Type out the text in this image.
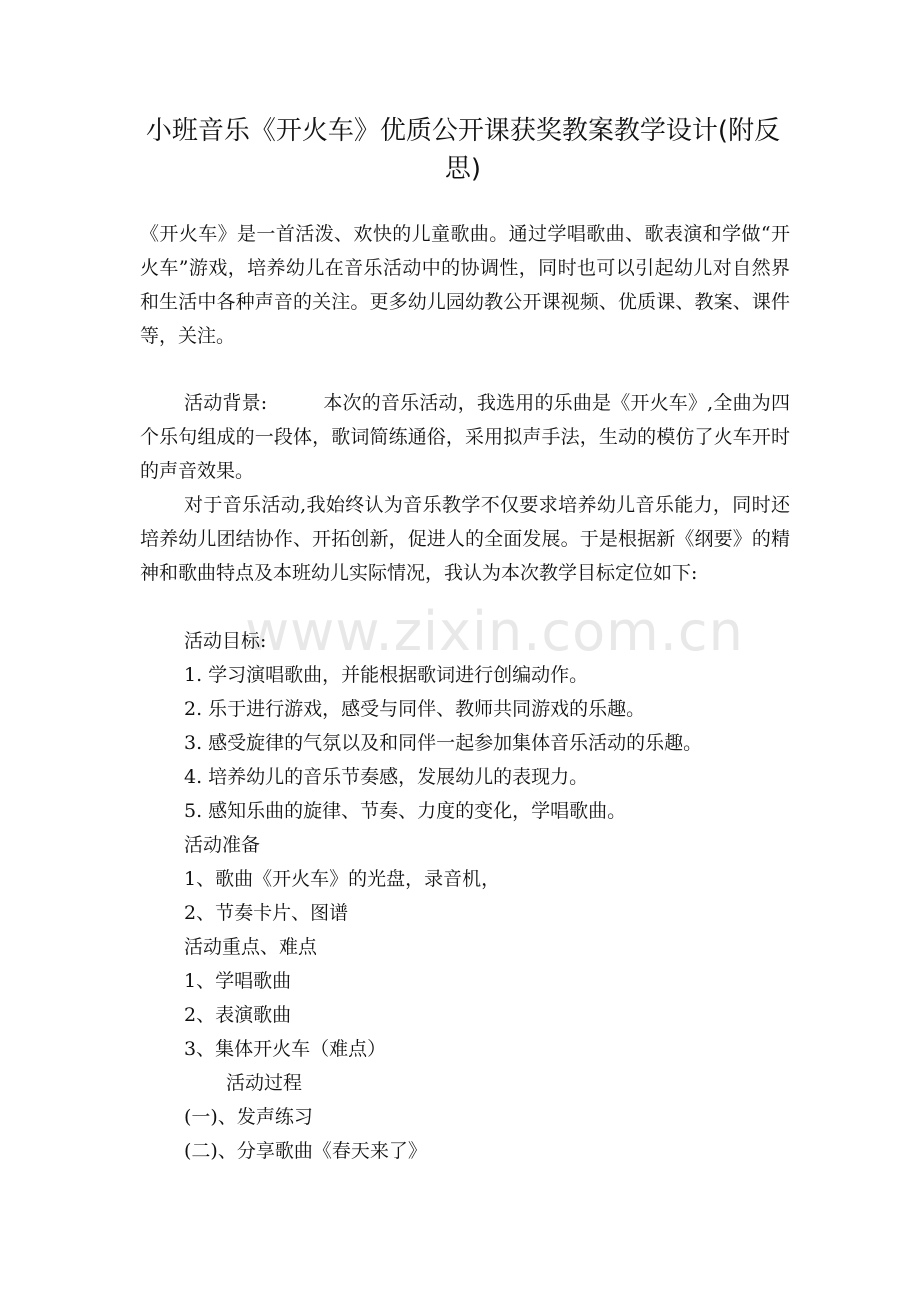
小班音乐《开火车》优质公开课获奖教案教学设计(附反
思)

《开火车》是一首活泼、欢快的儿童歌曲。通过学唱歌曲、歌表演和学做“开火车”游戏，培养幼儿在音乐活动中的协调性，同时也可以引起幼儿对自然界和生活中各种声音的关注。更多幼儿园幼教公开课视频、优质课、教案、课件等，关注。

活动背景:	本次的音乐活动，我选用的乐曲是《开火车》,全曲为四个乐句组成的一段体，歌词简练通俗，采用拟声手法，生动的模仿了火车开时的声音效果。

对于音乐活动,我始终认为音乐教学不仅要求培养幼儿音乐能力，同时还培养幼儿团结协作、开拓创新，促进人的全面发展。于是根据新《纲要》的精神和歌曲特点及本班幼儿实际情况，我认为本次教学目标定位如下:

www.zixin.com.cn

活动目标:

1. 学习演唱歌曲，并能根据歌词进行创编动作。

2. 乐于进行游戏，感受与同伴、教师共同游戏的乐趣。

3. 感受旋律的气氛以及和同伴一起参加集体音乐活动的乐趣。

4. 培养幼儿的音乐节奏感，发展幼儿的表现力。

5. 感知乐曲的旋律、节奏、力度的变化，学唱歌曲。

活动准备

1、歌曲《开火车》的光盘，录音机，

2、节奏卡片、图谱

活动重点、难点

1、学唱歌曲

2、表演歌曲

3、集体开火车（难点）

活动过程

(一)、发声练习

(二)、分享歌曲《春天来了》
